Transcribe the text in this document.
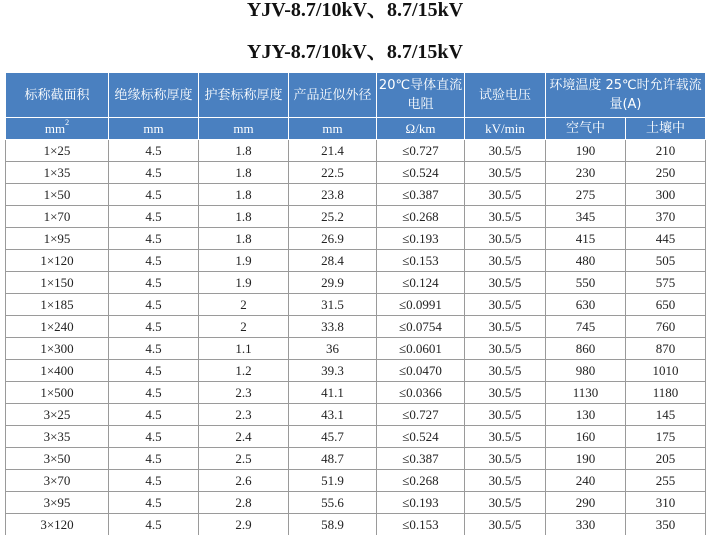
YJV-8.7/10kV、8.7/15kV
YJY-8.7/10kV、8.7/15kV
标称截面积	绝缘标称厚度	护套标称厚度	产品近似外径	20℃导体直流电阻	试验电压	环境温度 25℃时允许载流量(A)	
$mm^2$	mm	mm	mm	Ω/km	kV/min	空气中	土壤中
1×25	4.5	1.8	21.4	≤0.727	30.5/5	190	210
1×35	4.5	1.8	22.5	≤0.524	30.5/5	230	250
1×50	4.5	1.8	23.8	≤0.387	30.5/5	275	300
1×70	4.5	1.8	25.2	≤0.268	30.5/5	345	370
1×95	4.5	1.8	26.9	≤0.193	30.5/5	415	445
1×120	4.5	1.9	28.4	≤0.153	30.5/5	480	505
1×150	4.5	1.9	29.9	≤0.124	30.5/5	550	575
1×185	4.5	2	31.5	≤0.0991	30.5/5	630	650
1×240	4.5	2	33.8	≤0.0754	30.5/5	745	760
1×300	4.5	1.1	36	≤0.0601	30.5/5	860	870
1×400	4.5	1.2	39.3	≤0.0470	30.5/5	980	1010
1×500	4.5	2.3	41.1	≤0.0366	30.5/5	1130	1180
3×25	4.5	2.3	43.1	≤0.727	30.5/5	130	145
3×35	4.5	2.4	45.7	≤0.524	30.5/5	160	175
3×50	4.5	2.5	48.7	≤0.387	30.5/5	190	205
3×70	4.5	2.6	51.9	≤0.268	30.5/5	240	255
3×95	4.5	2.8	55.6	≤0.193	30.5/5	290	310
3×120	4.5	2.9	58.9	≤0.153	30.5/5	330	350
